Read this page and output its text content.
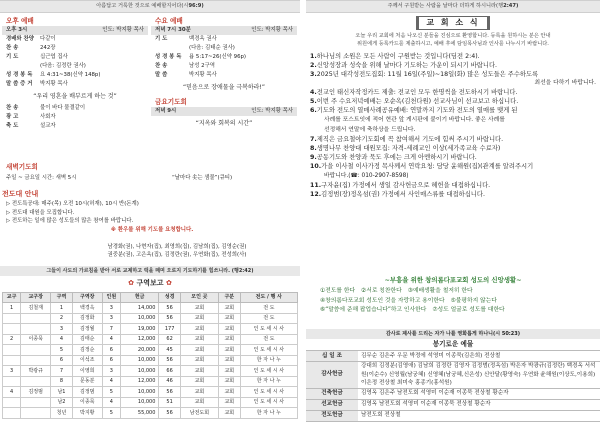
아름답고 거룩한 것으로 예배할지어다(시96:9)
오후 예배
오후 3시	인도: 박지황 목사
경배와 찬양	다같이
찬 송	242장
기 도	십근엽 집사
(다음: 김정란 권사)
성 경 봉 독	요 4:31~38(신약 148p)
말 씀 증 거	박지황 목사
“우리 영혼을 배부르게 하는 것”
찬 송	불이 바다 물결같이
광 고	사회자
축 도	설교자
수요 예배
저녁 7시 30분	인도: 박지황 목사
기 도	백경옥 권사
(다음: 김태순 권사)
성 경 봉 독	욥 5:17~26(신약 96p)
찬 송	남성 2구역
말 씀	박지황 목사
“믿음으로 장애물을 극복하라!”
금요기도회
저녁 9시	인도: 박지황 목사
“지옥와 회복의 시간”
새벽기도회
주일 ~ 금요일 시간: 새벽 5시	“날마다 솟는 샘물”(큐티)
전도대 안내
▷ 전도특공대: 매주(목) 오전 10시(허재), 10시 반(돈계)
▷ 전도대 대원을 모집합니다.
▷ 전도하는 일에 많은 성도들의 많은 참여를 바랍니다.
※ 환우를 위해 기도를 요청합니다.
남경화(권), 나현자(집), 최영희(집), 김남희(집), 김영순(권)
권중분(권), 고은옥(집), 김정란(권), 우연화(집), 전성희(사)
그들이 사도의 가르침을 받아 서로 교제하고 떡을 떼며 오로지 기도하기를 힘쓰니라. (행2:42)
✿ 구역보고 ✿
교구	교구장	구역	구역장	인원	헌금	성경	모인 곳	구분	전도 / 행 사
1	김철재	1	백경옥	3	14,000	56	교회	교회	전 도
		2	김정화	3	10,000	56	교회	교회	전 도
		3	김정월	7	19,000	177	교회	교회	인 도 세 시 사
2	이종묵	4	김태순	4	12,000	62	교회	교회	전 도
		5	김정순	6	20,000	45	교회	교회	인 도 세 시 사
		6	이석조	6	10,000	56	교회	교회	한 자 나 누
3	박광규	7	이영희	3	10,000	66	교회	교회	인 도 세 시 사
		8	문동분	4	12,000	46	교회	교회	한 자 나 누
4	김정범	남1	김정범	5	10,000	56	교회	교회	인 도 세 시 사
		남2	이종묵	4	10,000	51	교회	교회	인 도 세 시 사
		청년	박지황	5	55,000	56	남전도회	교회	한 자 나 누
주께서 구원받는 사람을 날마다 더하게 하시니라(행2:47)
교 회 소 식
오늘 우리 교회에 처음 나오신 분들을 진심으로 환영합니다. 등록을 원하시는 분은 안내
위원에게 등록카드를 제출하시고, 예배 후에 담임목사님과 인사를 나누시기 바랍니다.
1.하나님의 소원은 모든 사람이 구원받는 것입니다(딤전 2:4).
2.신앙성장과 성숙을 위해 날마다 기도하는 가운이 되시기 바랍니다.
3.2025년 대각성전도집회: 11월 16일(주일)~18일(화) 많은 성도들은 주수하도록
최선을 다하기 바랍니다.
4.전교인 태신자작정카드 제출: 전교인 모두 한명씩을 전도하시기 바랍니다.
5.이번 주 수요저녁예배는 오순옥(김천다원) 선교사님이 선교보고 하십니다.
6.기도와 전도의 열매사례공유예배: 연말까지 기도와 전도의 열매를 맺게 된
사례를 포스트잇에 적어 현관 앞 게시판에 붙이기 바랍니다. 좋은 사례를
선정해서 연말에 축하상을 드립니다.
7.제직은 금요철야기도회에 꼭 참여해서 기도에 힘써 주시기 바랍니다.
8.생명나무 찬양대 대원모집: 자격-세례교인 이상(세가족교육 수료자)
9.공동기도와 찬양과 묵도 후에는 크게 아멘하시기 바랍니다.
10.가을 이사철 이사가정 목사께서 연락요청: 담당 윤해원(집)(관계를 알려주시기
바랍니다.(☎: 010-2907-8598)
11.구자윤(집) 가정에서 생일 감사헌금으로 헤헌을 대접하십니다.
12.김정범(장)정옥섬(권) 가정에서 사인매스류를 대접하십니다.
~부흥을 위한 창의롬다포교회 성도의 신앙생활~
①전도를 한다 ②서로 칭찬한다 ③예배생활을 철저히 한다
④창의롬다포교회 성도인 것을 자랑하고 용이한다 ⑤불평하지 않는다
⑥“말씀에 준해 팝업습니다”하고 인사한다 ⑦성도 얼굴로 성도를 대한다
감사로 제사를 드리는 자가 나를 영화롭게 하나니(시 50:23)
봉기로운 예물
십 일 조	김무순 김은주 우문 박정에 석영미 이종묵(김은희) 전상철
감사헌금	강대희 김정분(김영애) 김남희 김정란 김영자 김정범(정옥섬) 박은자 박광규(김정란) 백경옥 서석원(이순수) 신영월(남궁혜) 신영혜(남궁혜,신은성) 신안달(황영숙) 우연화 윤해원(이상도,이용희) 이은정 전상철 최미숙 홍종기(홍석원)
건축헌금	김영옥 김은주 남전도회 석영미 이순재 이종묵 전상철 황순자
선교헌금	김영옥 남전도회 석영미 이순재 이종묵 전상철 황순자
전도헌금	남전도회 전상철
